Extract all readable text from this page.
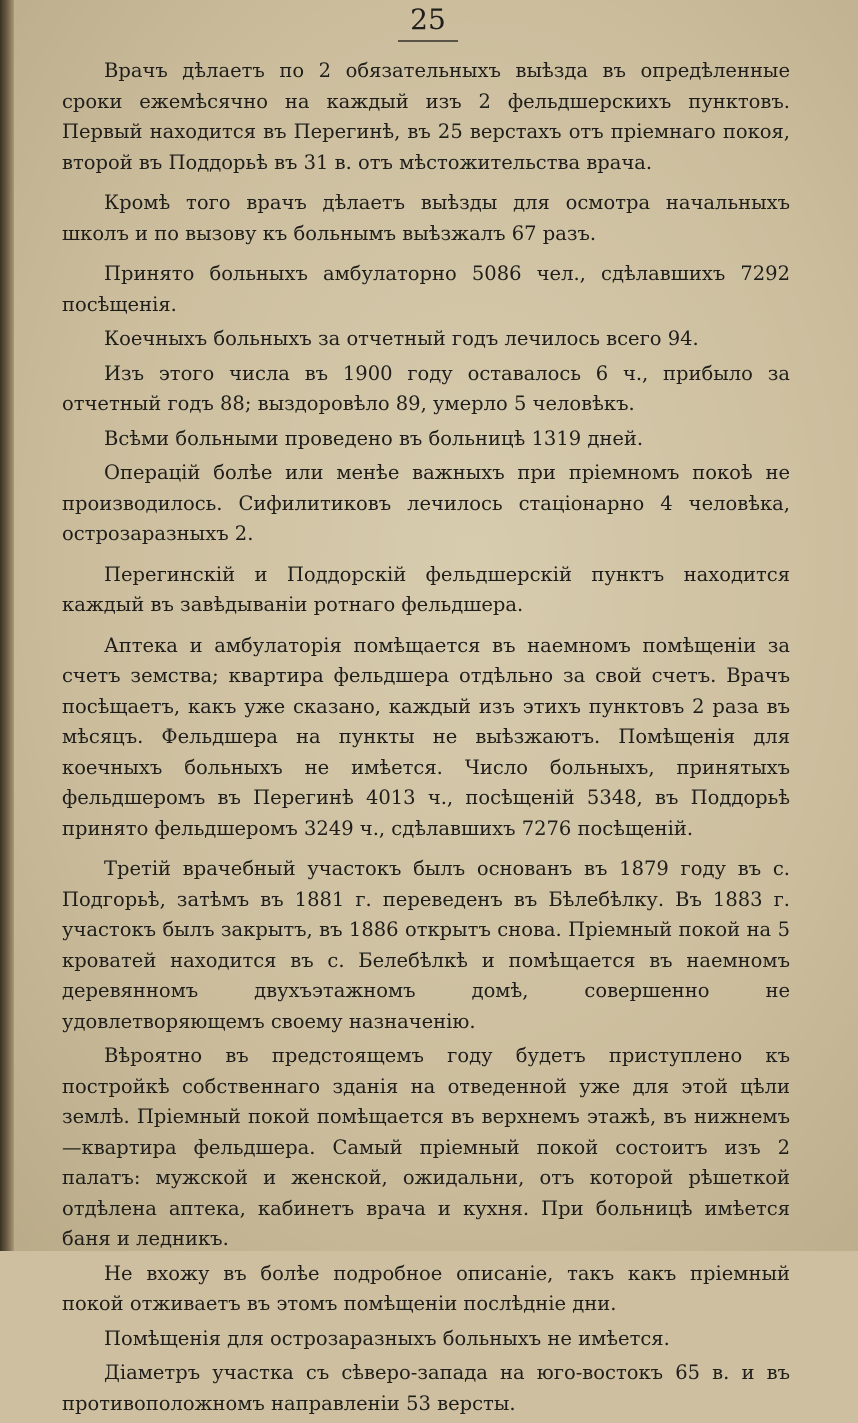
25

Врачъ дѣлаетъ по 2 обязательныхъ выѣзда въ опредѣленные сроки ежемѣсячно на каждый изъ 2 фельдшерскихъ пунктовъ. Первый находится въ Перегинѣ, въ 25 верстахъ отъ пріемнаго покоя, второй въ Поддорьѣ въ 31 в. отъ мѣстожительства врача.

Кромѣ того врачъ дѣлаетъ выѣзды для осмотра начальныхъ школъ и по вызову къ больнымъ выѣзжалъ 67 разъ.

Принято больныхъ амбулаторно 5086 чел., сдѣлавшихъ 7292 посѣщенія.

Коечныхъ больныхъ за отчетный годъ лечилось всего 94.

Изъ этого числа въ 1900 году оставалось 6 ч., прибыло за отчетный годъ 88; выздоровѣло 89, умерло 5 человѣкъ.

Всѣми больными проведено въ больницѣ 1319 дней.

Операцій болѣе или менѣе важныхъ при пріемномъ покоѣ не производилось. Сифилитиковъ лечилось стаціонарно 4 человѣка, острозаразныхъ 2.

Перегинскій и Поддорскій фельдшерскій пунктъ находится каждый въ завѣдываніи ротнаго фельдшера.

Аптека и амбулаторія помѣщается въ наемномъ помѣщеніи за счетъ земства; квартира фельдшера отдѣльно за свой счетъ. Врачъ посѣщаетъ, какъ уже сказано, каждый изъ этихъ пунктовъ 2 раза въ мѣсяцъ. Фельдшера на пункты не выѣзжаютъ. Помѣщенія для коечныхъ больныхъ не имѣется. Число больныхъ, принятыхъ фельдшеромъ въ Перегинѣ 4013 ч., посѣщеній 5348, въ Поддорьѣ принято фельдшеромъ 3249 ч., сдѣлавшихъ 7276 посѣщеній.

Третій врачебный участокъ былъ основанъ въ 1879 году въ с. Подгорьѣ, затѣмъ въ 1881 г. переведенъ въ Бѣлебѣлку. Въ 1883 г. участокъ былъ закрытъ, въ 1886 открытъ снова. Пріемный покой на 5 кроватей находится въ с. Белебѣлкѣ и помѣщается въ наемномъ деревянномъ двухъэтажномъ домѣ, совершенно не удовлетворяющемъ своему назначенію.

Вѣроятно въ предстоящемъ году будетъ приступлено къ постройкѣ собственнаго зданія на отведенной уже для этой цѣли землѣ. Пріемный покой помѣщается въ верхнемъ этажѣ, въ нижнемъ—квартира фельдшера. Самый пріемный покой состоитъ изъ 2 палатъ: мужской и женской, ожидальни, отъ которой рѣшеткой отдѣлена аптека, кабинетъ врача и кухня. При больницѣ имѣется баня и ледникъ.

Не вхожу въ болѣе подробное описаніе, такъ какъ пріемный покой отживаетъ въ этомъ помѣщеніи послѣдніе дни.

Помѣщенія для острозаразныхъ больныхъ не имѣется.

Діаметръ участка съ сѣверо-запада на юго-востокъ 65 в. и въ противоположномъ направленіи 53 версты.
